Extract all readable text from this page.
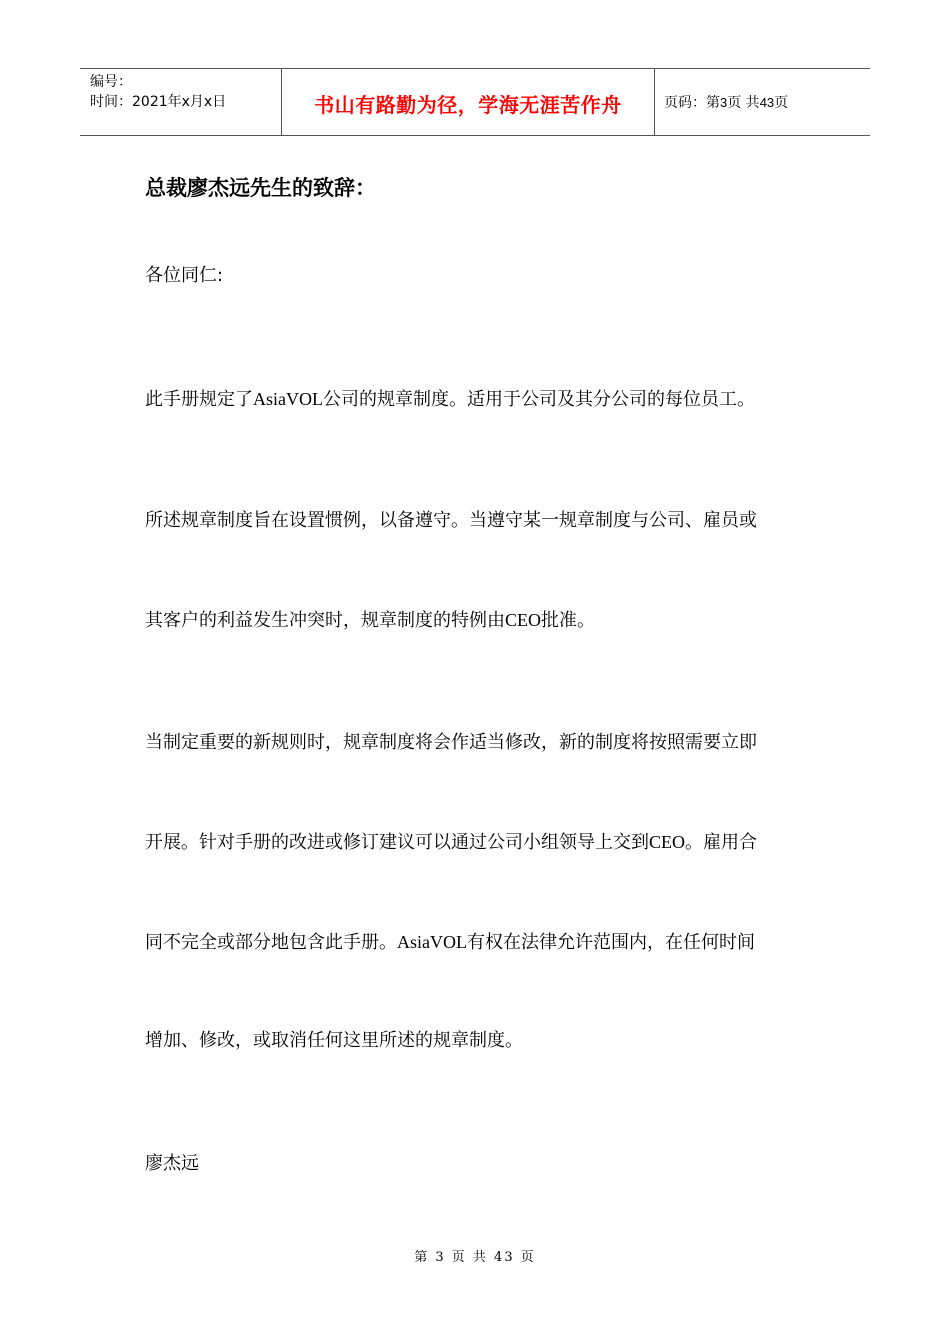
编号：
时间：2021年x月x日	书山有路勤为径，学海无涯苦作舟	页码：第3页 共43页
总裁廖杰远先生的致辞：
各位同仁:
此手册规定了AsiaVOL公司的规章制度。适用于公司及其分公司的每位员工。
所述规章制度旨在设置惯例，以备遵守。当遵守某一规章制度与公司、雇员或
其客户的利益发生冲突时，规章制度的特例由CEO批准。
当制定重要的新规则时，规章制度将会作适当修改，新的制度将按照需要立即
开展。针对手册的改进或修订建议可以通过公司小组领导上交到CEO。雇用合
同不完全或部分地包含此手册。AsiaVOL有权在法律允许范围内，在任何时间
增加、修改，或取消任何这里所述的规章制度。
廖杰远
第 3 页 共 43 页
